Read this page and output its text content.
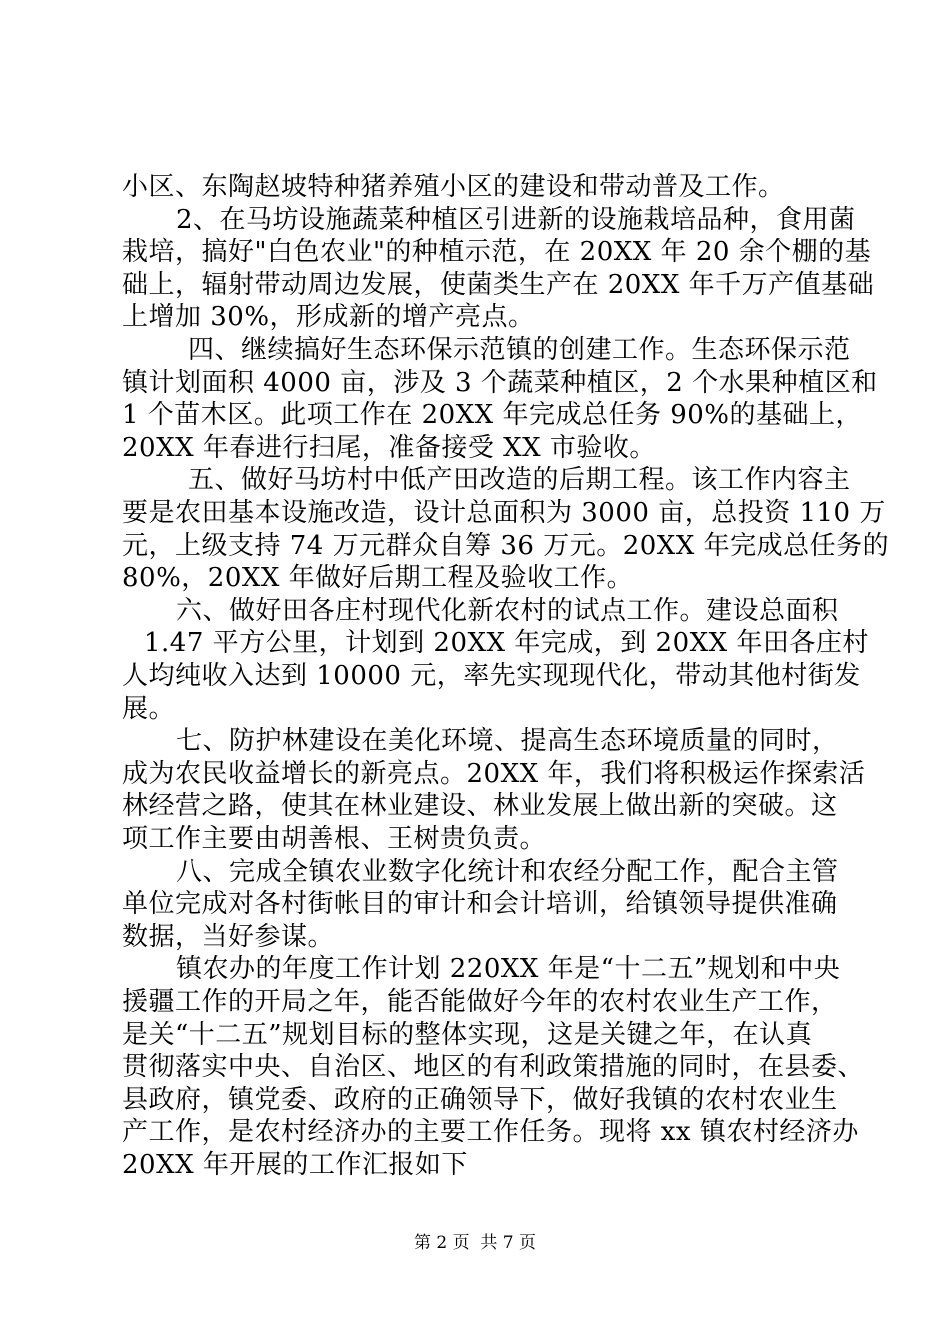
小区、东陶赵坡特种猪养殖小区的建设和带动普及工作。
2、在马坊设施蔬菜种植区引进新的设施栽培品种，食用菌
栽培，搞好"白色农业"的种植示范，在 20XX 年 20 余个棚的基
础上，辐射带动周边发展，使菌类生产在 20XX 年千万产值基础
上增加 30%，形成新的增产亮点。
四、继续搞好生态环保示范镇的创建工作。生态环保示范
镇计划面积 4000 亩，涉及 3 个蔬菜种植区，2 个水果种植区和
1 个苗木区。此项工作在 20XX 年完成总任务 90%的基础上，
20XX 年春进行扫尾，准备接受 XX 市验收。
五、做好马坊村中低产田改造的后期工程。该工作内容主
要是农田基本设施改造，设计总面积为 3000 亩，总投资 110 万
元，上级支持 74 万元群众自筹 36 万元。20XX 年完成总任务的
80%，20XX 年做好后期工程及验收工作。
六、做好田各庄村现代化新农村的试点工作。建设总面积
1.47 平方公里，计划到 20XX 年完成，到 20XX 年田各庄村
人均纯收入达到 10000 元，率先实现现代化，带动其他村街发
展。
七、防护林建设在美化环境、提高生态环境质量的同时，
成为农民收益增长的新亮点。20XX 年，我们将积极运作探索活
林经营之路，使其在林业建设、林业发展上做出新的突破。这
项工作主要由胡善根、王树贵负责。
八、完成全镇农业数字化统计和农经分配工作，配合主管
单位完成对各村街帐目的审计和会计培训，给镇领导提供准确
数据，当好参谋。
镇农办的年度工作计划 220XX 年是“十二五”规划和中央
援疆工作的开局之年，能否能做好今年的农村农业生产工作，
是关“十二五”规划目标的整体实现，这是关键之年，在认真
贯彻落实中央、自治区、地区的有利政策措施的同时，在县委、
县政府，镇党委、政府的正确领导下，做好我镇的农村农业生
产工作，是农村经济办的主要工作任务。现将 xx 镇农村经济办
20XX 年开展的工作汇报如下
第 2 页  共 7 页
